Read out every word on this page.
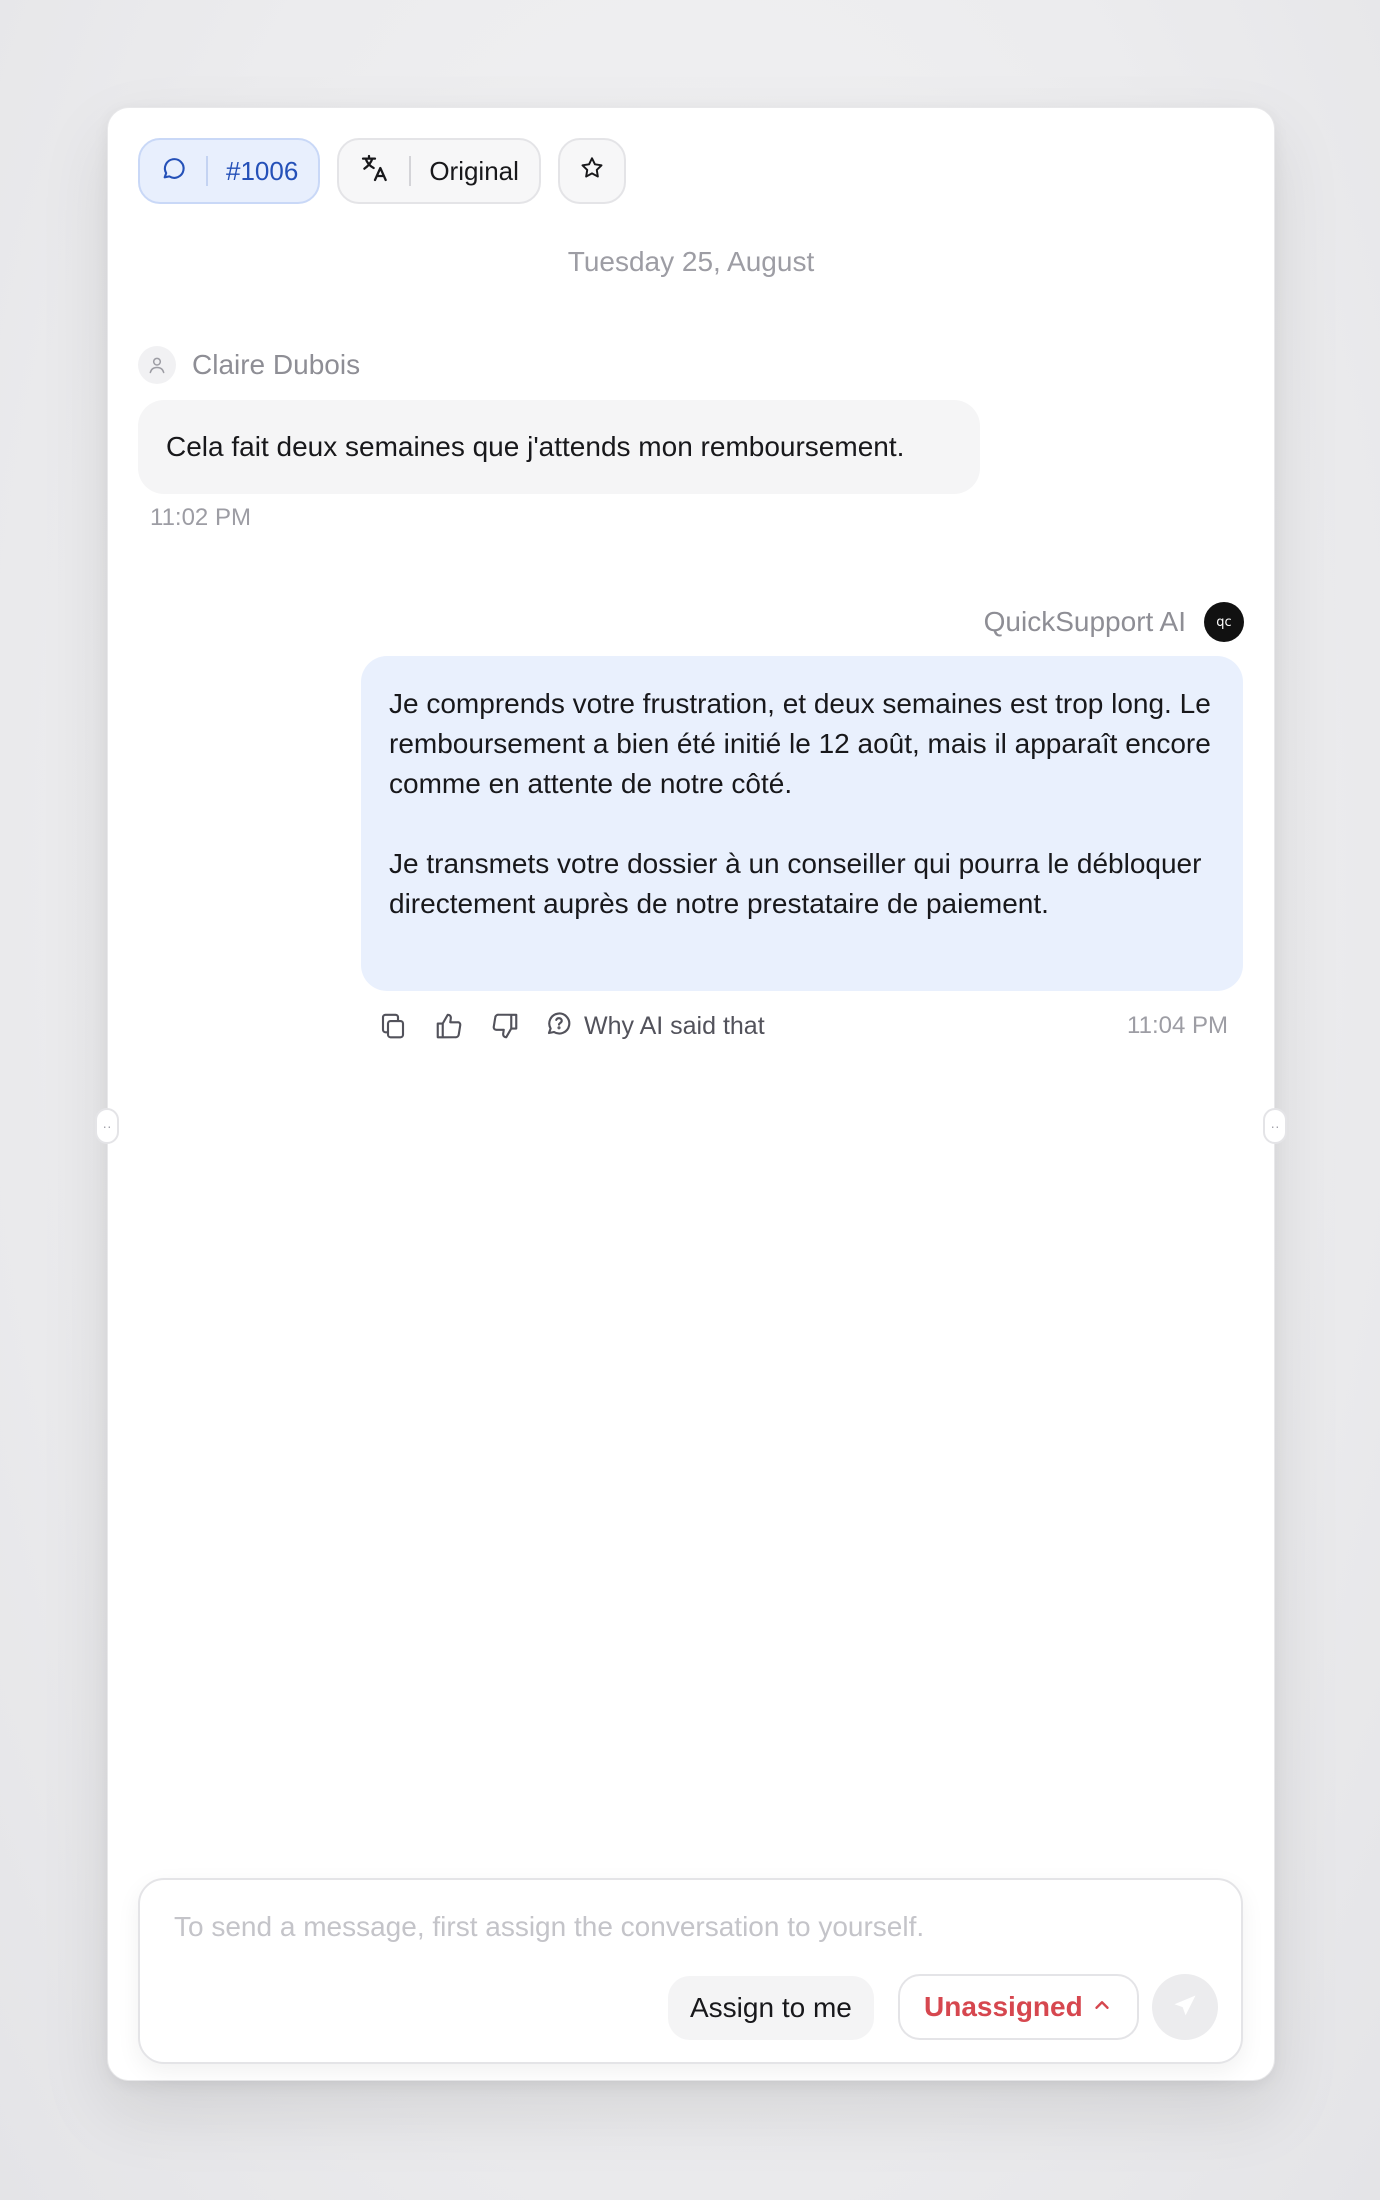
#1006	Original
Tuesday 25, August
Claire Dubois
Cela fait deux semaines que j'attends mon remboursement.
11:02 PM
QuickSupport AI	qc

Je comprends votre frustration, et deux semaines est trop long. Le remboursement a bien été initié le 12 août, mais il apparaît encore comme en attente de notre côté.

Je transmets votre dossier à un conseiller qui pourra le débloquer directement auprès de notre prestataire de paiement.

Why AI said that	11:04 PM
··	··
To send a message, first assign the conversation to yourself.
Assign to me	Unassigned
